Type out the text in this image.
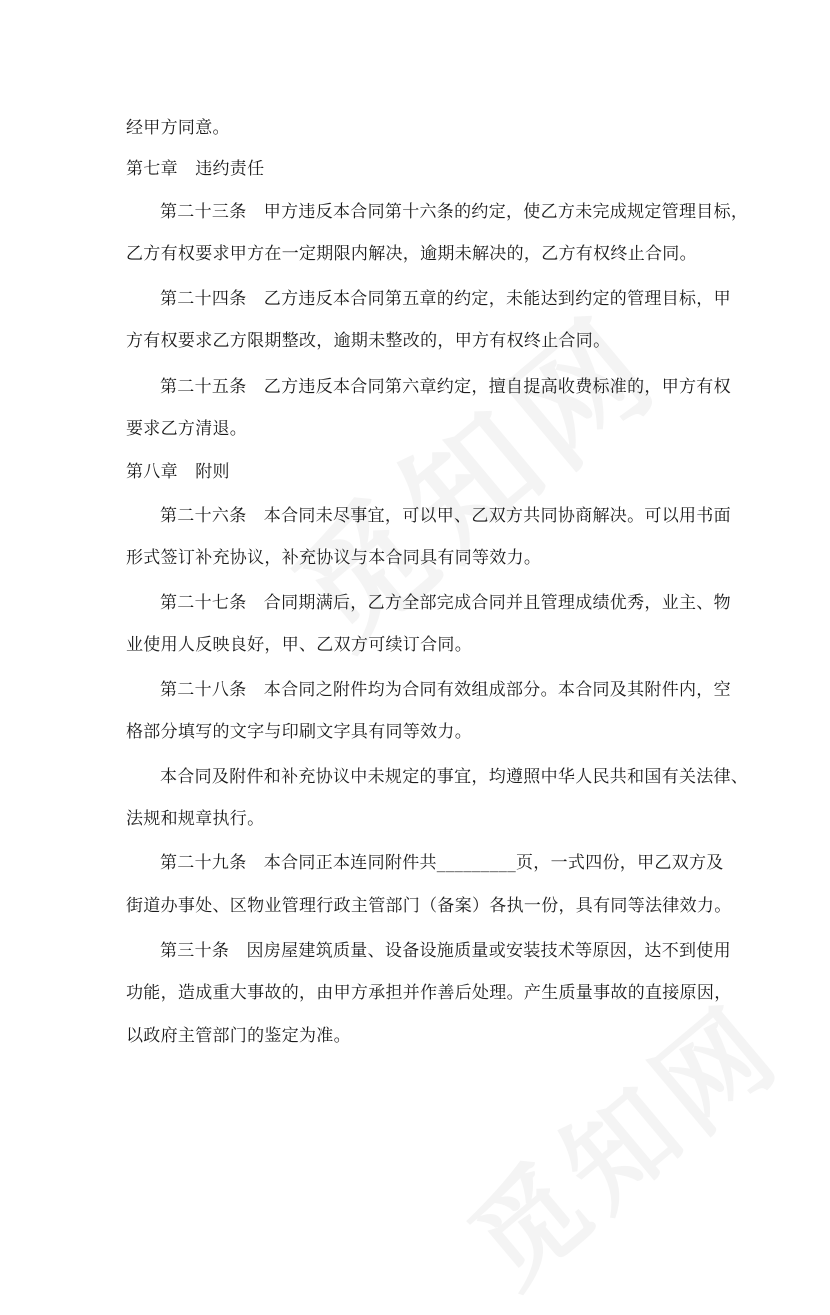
经甲方同意。
第七章　违约责任
第二十三条　甲方违反本合同第十六条的约定，使乙方未完成规定管理目标，
乙方有权要求甲方在一定期限内解决，逾期未解决的，乙方有权终止合同。
第二十四条　乙方违反本合同第五章的约定，未能达到约定的管理目标，甲
方有权要求乙方限期整改，逾期未整改的，甲方有权终止合同。
第二十五条　乙方违反本合同第六章约定，擅自提高收费标准的，甲方有权
要求乙方清退。
第八章　附则
第二十六条　本合同未尽事宜，可以甲、乙双方共同协商解决。可以用书面
形式签订补充协议，补充协议与本合同具有同等效力。
第二十七条　合同期满后，乙方全部完成合同并且管理成绩优秀，业主、物
业使用人反映良好，甲、乙双方可续订合同。
第二十八条　本合同之附件均为合同有效组成部分。本合同及其附件内，空
格部分填写的文字与印刷文字具有同等效力。
本合同及附件和补充协议中未规定的事宜，均遵照中华人民共和国有关法律、
法规和规章执行。
第二十九条　本合同正本连同附件共_________页，一式四份，甲乙双方及
街道办事处、区物业管理行政主管部门（备案）各执一份，具有同等法律效力。
第三十条　因房屋建筑质量、设备设施质量或安装技术等原因，达不到使用
功能，造成重大事故的，由甲方承担并作善后处理。产生质量事故的直接原因，
以政府主管部门的鉴定为准。
